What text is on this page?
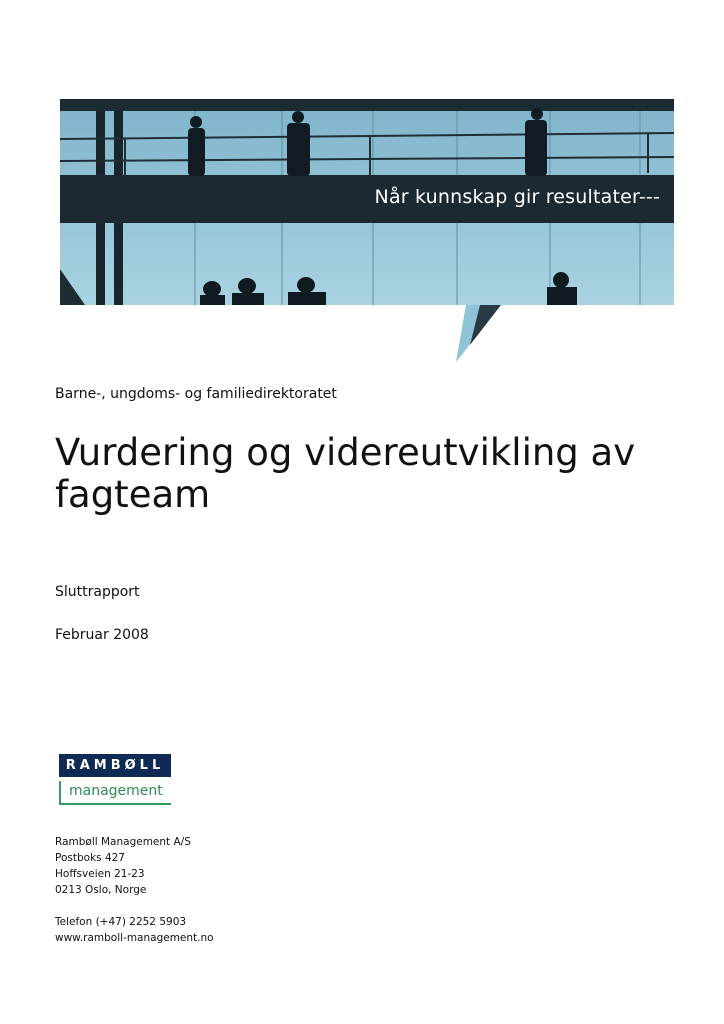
Når kunnskap gir resultater---
Barne-, ungdoms- og familiedirektoratet
Vurdering og videreutvikling av fagteam
Sluttrapport
Februar 2008
RAMBØLL
management
Rambøll Management A/S
Postboks 427
Hoffsveien 21-23
0213 Oslo, Norge
Telefon (+47) 2252 5903
www.ramboll-management.no
